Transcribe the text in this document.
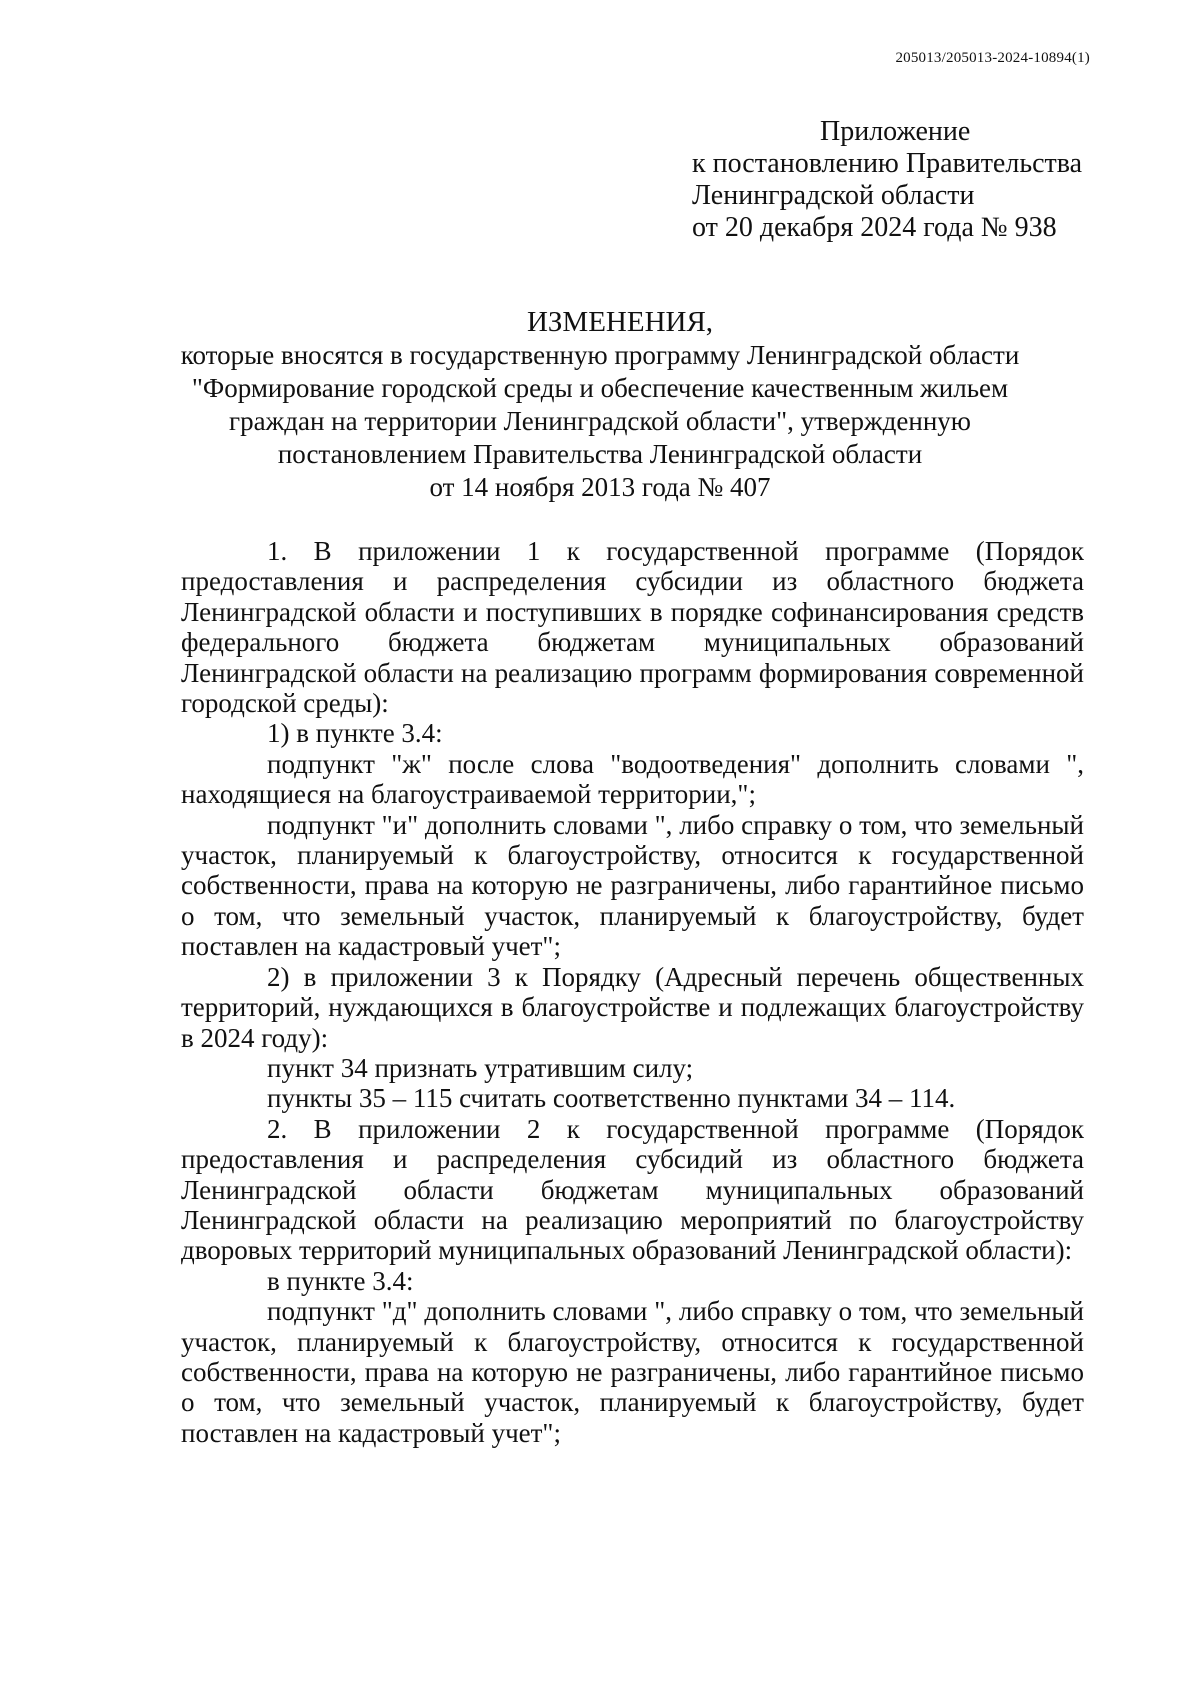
205013/205013-2024-10894(1)
Приложение
к постановлению Правительства
Ленинградской области
от 20 декабря 2024 года № 938
ИЗМЕНЕНИЯ,
которые вносятся в государственную программу Ленинградской области
"Формирование городской среды и обеспечение качественным жильем
граждан на территории Ленинградской области", утвержденную
постановлением Правительства Ленинградской области
от 14 ноября 2013 года № 407

1. В приложении 1 к государственной программе (Порядок предоставления и распределения субсидии из областного бюджета Ленинградской области и поступивших в порядке софинансирования средств федерального бюджета бюджетам муниципальных образований Ленинградской области на реализацию программ формирования современной городской среды):

1) в пункте 3.4:

подпункт "ж" после слова "водоотведения" дополнить словами ", находящиеся на благоустраиваемой территории,";

подпункт "и" дополнить словами ", либо справку о том, что земельный участок, планируемый к благоустройству, относится к государственной собственности, права на которую не разграничены, либо гарантийное письмо о том, что земельный участок, планируемый к благоустройству, будет поставлен на кадастровый учет";

2) в приложении 3 к Порядку (Адресный перечень общественных территорий, нуждающихся в благоустройстве и подлежащих благоустройству в 2024 году):

пункт 34 признать утратившим силу;

пункты 35 – 115 считать соответственно пунктами 34 – 114.

2. В приложении 2 к государственной программе (Порядок предоставления и распределения субсидий из областного бюджета Ленинградской области бюджетам муниципальных образований Ленинградской области на реализацию мероприятий по благоустройству дворовых территорий муниципальных образований Ленинградской области):

в пункте 3.4:

подпункт "д" дополнить словами ", либо справку о том, что земельный участок, планируемый к благоустройству, относится к государственной собственности, права на которую не разграничены, либо гарантийное письмо о том, что земельный участок, планируемый к благоустройству, будет поставлен на кадастровый учет";
